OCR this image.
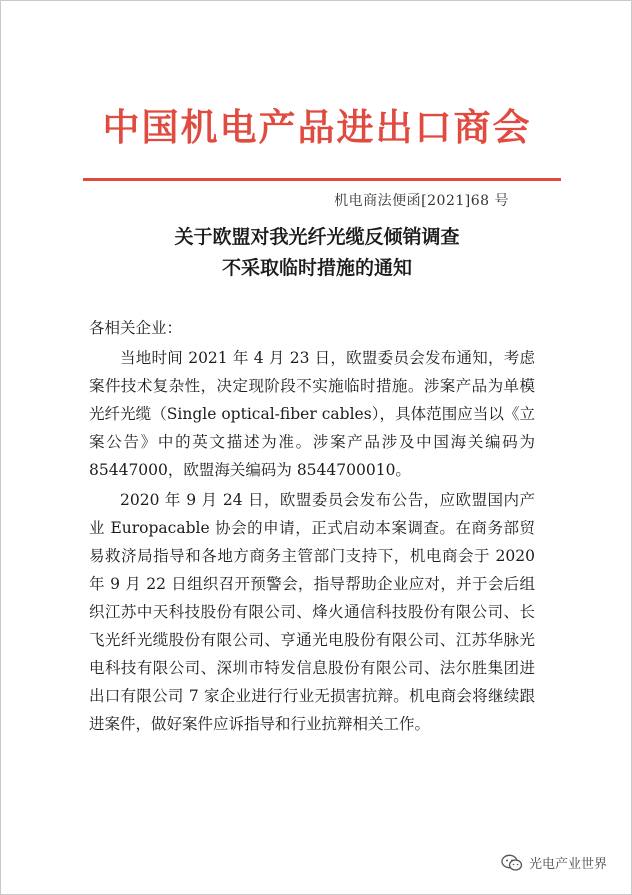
中国机电产品进出口商会
机电商法便函[2021]68 号
关于欧盟对我光纤光缆反倾销调查
不采取临时措施的通知

各相关企业：

当地时间 2021 年 4 月 23 日，欧盟委员会发布通知，考虑案件技术复杂性，决定现阶段不实施临时措施。涉案产品为单模光纤光缆（Single optical-fiber cables），具体范围应当以《立案公告》中的英文描述为准。涉案产品涉及中国海关编码为 85447000，欧盟海关编码为 8544700010。

2020 年 9 月 24 日，欧盟委员会发布公告，应欧盟国内产业 Europacable 协会的申请，正式启动本案调查。在商务部贸易救济局指导和各地方商务主管部门支持下，机电商会于 2020 年 9 月 22 日组织召开预警会，指导帮助企业应对，并于会后组织江苏中天科技股份有限公司、烽火通信科技股份有限公司、长飞光纤光缆股份有限公司、亨通光电股份有限公司、江苏华脉光电科技有限公司、深圳市特发信息股份有限公司、法尔胜集团进出口有限公司 7 家企业进行行业无损害抗辩。机电商会将继续跟进案件，做好案件应诉指导和行业抗辩相关工作。

光电产业世界
